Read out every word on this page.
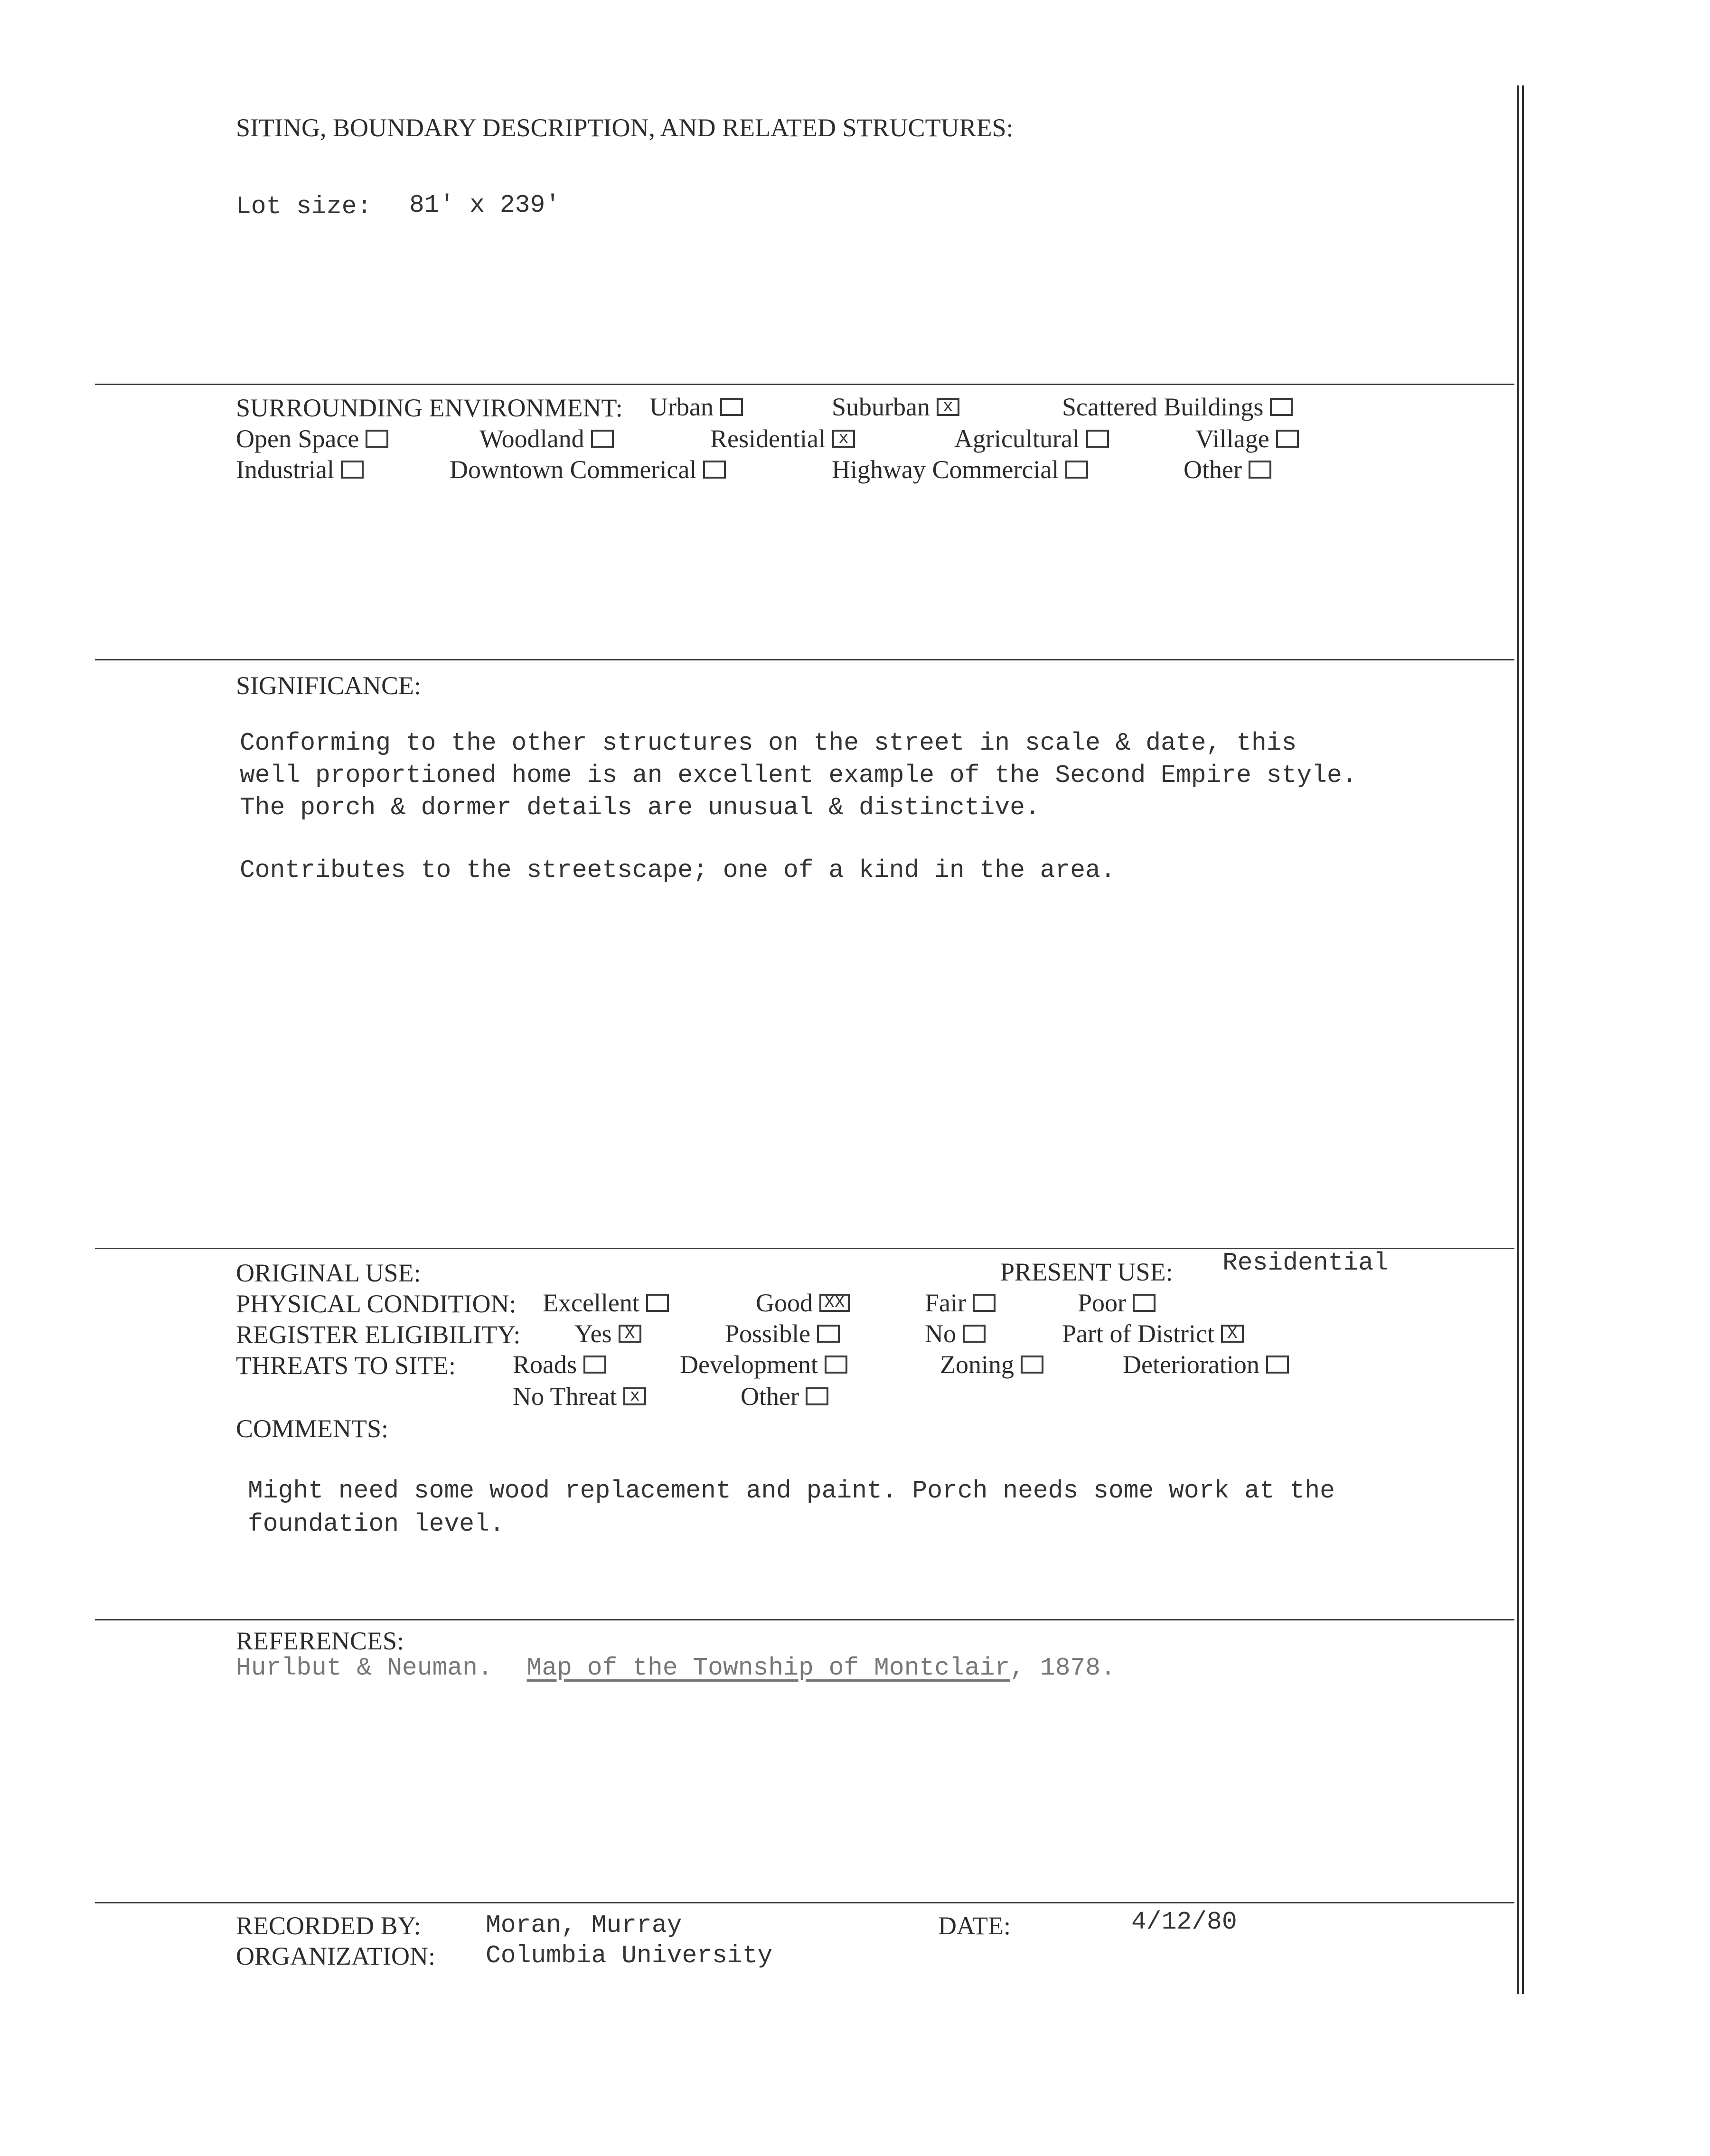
SITING, BOUNDARY DESCRIPTION, AND RELATED STRUCTURES:
Lot size: 81' x 239'
SURROUNDING ENVIRONMENT: Urban	Suburban x	Scattered Buildings
Open Space	Woodland	Residential x	Agricultural	Village
Industrial	Downtown Commerical	Highway Commercial	Other
SIGNIFICANCE:
Conforming to the other structures on the street in scale & date, this
well proportioned home is an excellent example of the Second Empire style.
The porch & dormer details are unusual & distinctive.
Contributes to the streetscape; one of a kind in the area.
ORIGINAL USE:	PRESENT USE: Residential
PHYSICAL CONDITION: Excellent	Good XX	Fair	Poor
REGISTER ELIGIBILITY: Yes X	Possible	No	Part of District X
THREATS TO SITE: Roads	Development	Zoning	Deterioration
No Threat x	Other
COMMENTS:
Might need some wood replacement and paint. Porch needs some work at the
foundation level.
REFERENCES:
Hurlbut & Neuman. Map of the Township of Montclair, 1878.
RECORDED BY:	Moran, Murray	DATE:	4/12/80
ORGANIZATION: Columbia University
